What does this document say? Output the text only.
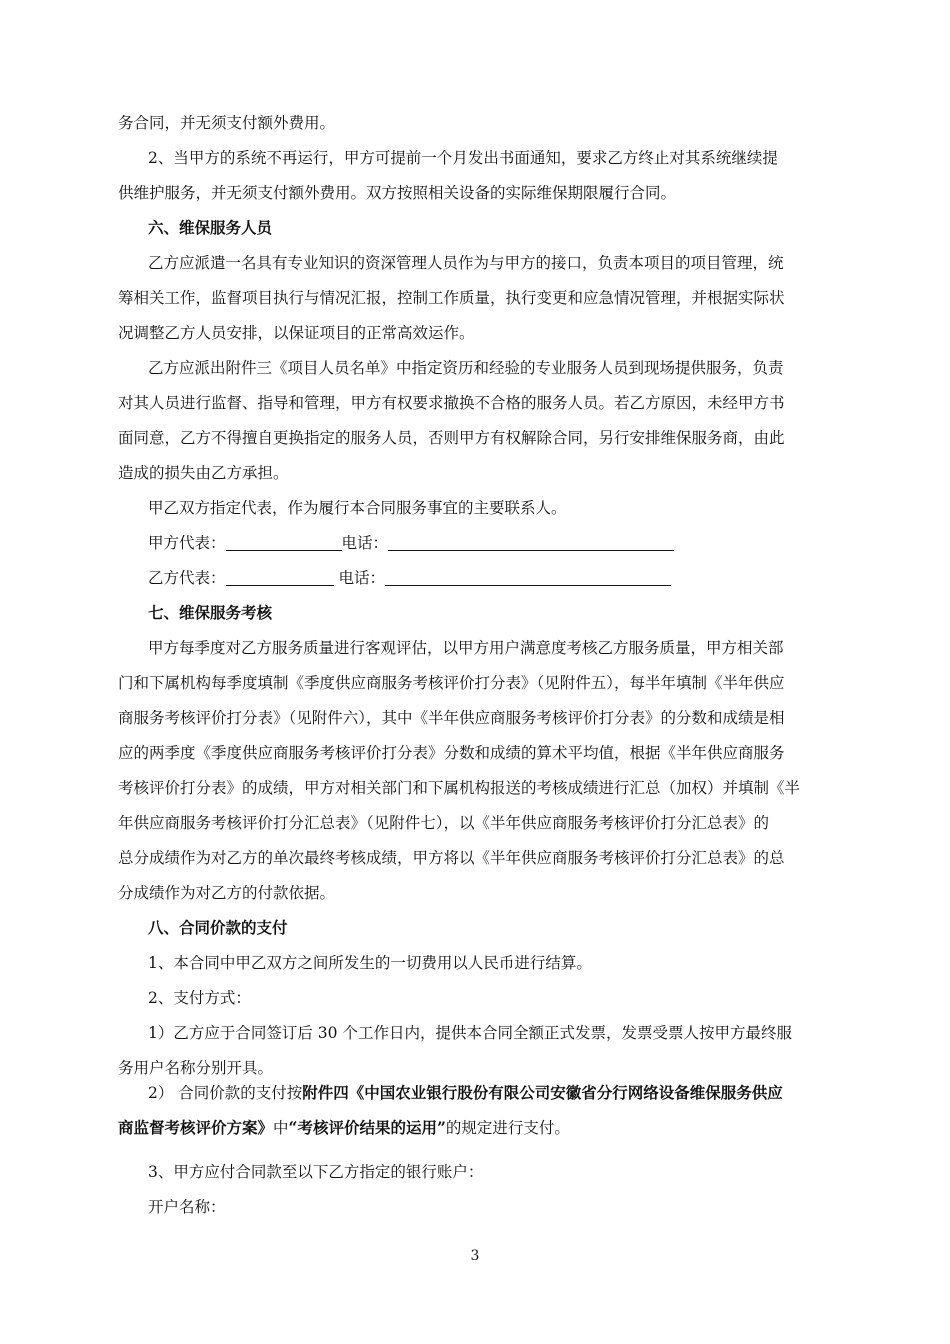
务合同，并无须支付额外费用。
2、当甲方的系统不再运行，甲方可提前一个月发出书面通知，要求乙方终止对其系统继续提
供维护服务，并无须支付额外费用。双方按照相关设备的实际维保期限履行合同。
六、维保服务人员
乙方应派遣一名具有专业知识的资深管理人员作为与甲方的接口，负责本项目的项目管理，统
筹相关工作，监督项目执行与情况汇报，控制工作质量，执行变更和应急情况管理，并根据实际状
况调整乙方人员安排，以保证项目的正常高效运作。
乙方应派出附件三《项目人员名单》中指定资历和经验的专业服务人员到现场提供服务，负责
对其人员进行监督、指导和管理，甲方有权要求撤换不合格的服务人员。若乙方原因，未经甲方书
面同意，乙方不得擅自更换指定的服务人员，否则甲方有权解除合同，另行安排维保服务商，由此
造成的损失由乙方承担。
甲乙双方指定代表，作为履行本合同服务事宜的主要联系人。
甲方代表：	电话：
乙方代表：	电话：
七、维保服务考核
甲方每季度对乙方服务质量进行客观评估，以甲方用户满意度考核乙方服务质量，甲方相关部
门和下属机构每季度填制《季度供应商服务考核评价打分表》（见附件五），每半年填制《半年供应
商服务考核评价打分表》（见附件六），其中《半年供应商服务考核评价打分表》的分数和成绩是相
应的两季度《季度供应商服务考核评价打分表》分数和成绩的算术平均值，根据《半年供应商服务
考核评价打分表》的成绩，甲方对相关部门和下属机构报送的考核成绩进行汇总（加权）并填制《半
年供应商服务考核评价打分汇总表》（见附件七），以《半年供应商服务考核评价打分汇总表》的
总分成绩作为对乙方的单次最终考核成绩，甲方将以《半年供应商服务考核评价打分汇总表》的总
分成绩作为对乙方的付款依据。
八、合同价款的支付
1、本合同中甲乙双方之间所发生的一切费用以人民币进行结算。
2、支付方式：
1）乙方应于合同签订后 30 个工作日内，提供本合同全额正式发票，发票受票人按甲方最终服
务用户名称分别开具。
2） 合同价款的支付按附件四《中国农业银行股份有限公司安徽省分行网络设备维保服务供应
商监督考核评价方案》中“考核评价结果的运用”的规定进行支付。
3、甲方应付合同款至以下乙方指定的银行账户：
开户名称：
3
